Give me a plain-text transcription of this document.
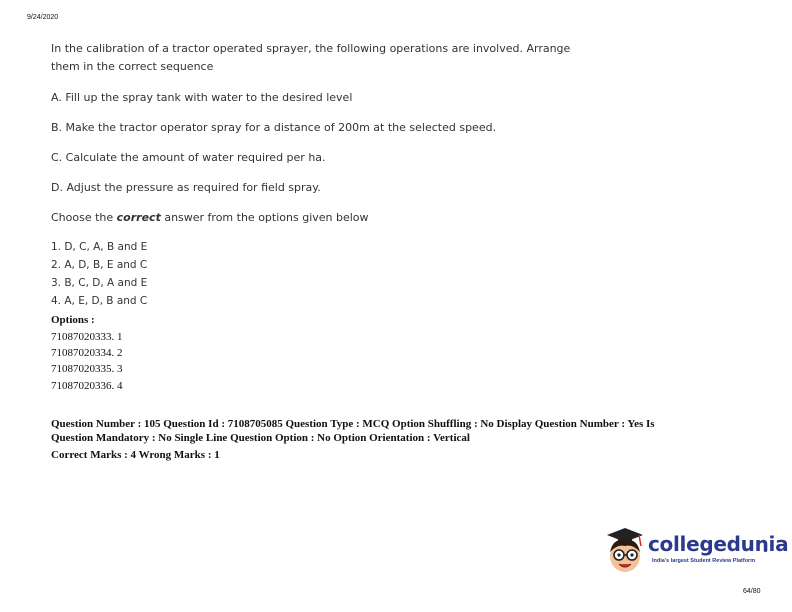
9/24/2020
In the calibration of a tractor operated sprayer, the following operations are involved. Arrange
them in the correct sequence
A. Fill up the spray tank with water to the desired level
B. Make the tractor operator spray for a distance of 200m at the selected speed.
C. Calculate the amount of water required per ha.
D. Adjust the pressure as required for field spray.
Choose the correct answer from the options given below
1. D, C, A, B and E
2. A, D, B, E and C
3. B, C, D, A and E
4. A, E, D, B and C
Options :
71087020333. 1
71087020334. 2
71087020335. 3
71087020336. 4
Question Number : 105 Question Id : 7108705085 Question Type : MCQ Option Shuffling : No Display Question Number : Yes Is
Question Mandatory : No Single Line Question Option : No Option Orientation : Vertical
Correct Marks : 4 Wrong Marks : 1
collegedunia
India's largest Student Review Platform
64/80
